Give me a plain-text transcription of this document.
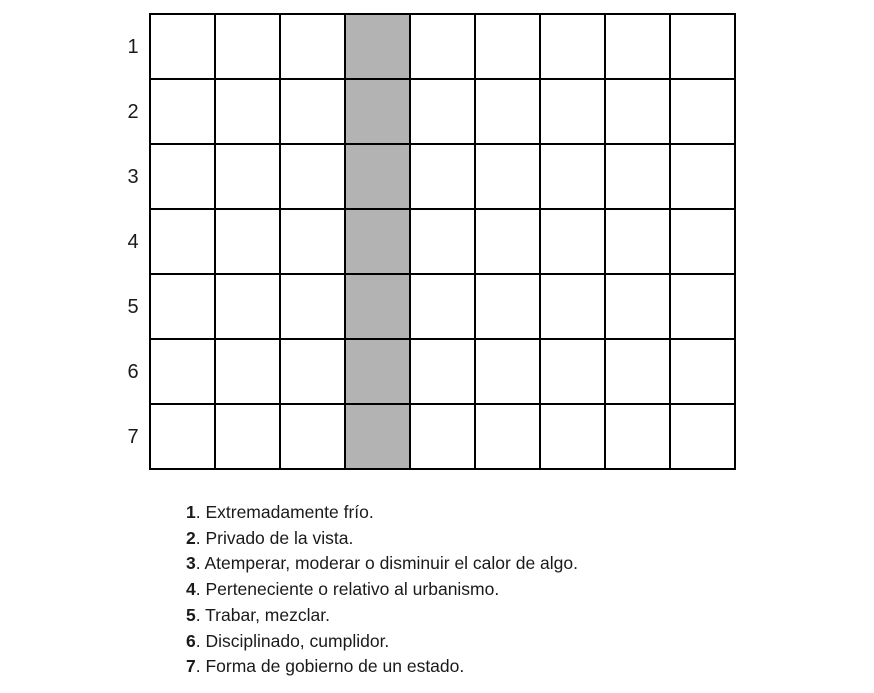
1
2
3
4
5
6
7
1. Extremadamente frío.
2. Privado de la vista.
3. Atemperar, moderar o disminuir el calor de algo.
4. Perteneciente o relativo al urbanismo.
5. Trabar, mezclar.
6. Disciplinado, cumplidor.
7. Forma de gobierno de un estado.
